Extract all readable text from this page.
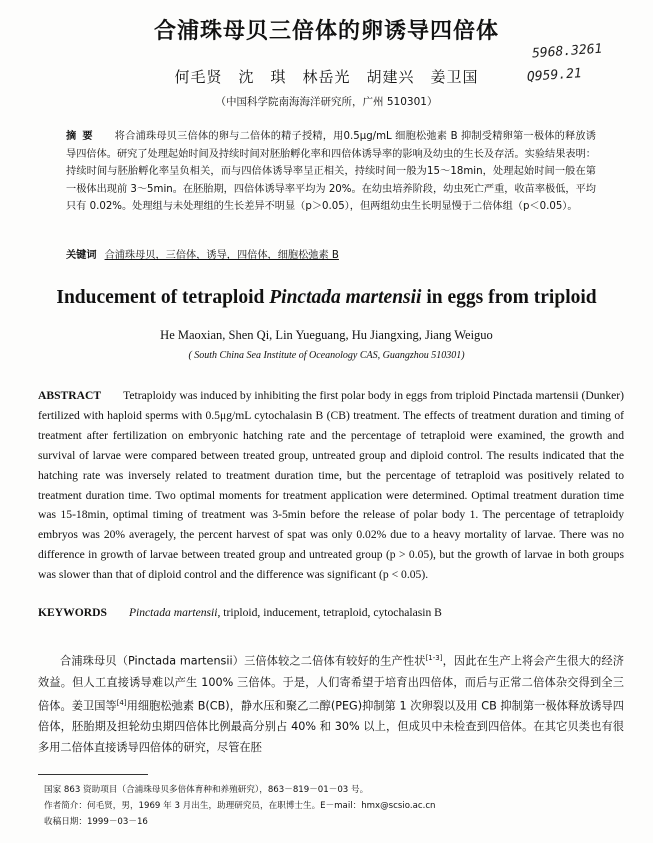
合浦珠母贝三倍体的卵诱导四倍体
5968.3261
Q959.21
何毛贤　沈　琪　林岳光　胡建兴　姜卫国
（中国科学院南海海洋研究所，广州 510301）
摘要 将合浦珠母贝三倍体的卵与二倍体的精子授精，用0.5μg/mL 细胞松弛素 B 抑制受精卵第一极体的释放诱导四倍体。研究了处理起始时间及持续时间对胚胎孵化率和四倍体诱导率的影响及幼虫的生长及存活。实验结果表明：持续时间与胚胎孵化率呈负相关，而与四倍体诱导率呈正相关，持续时间一般为15～18min，处理起始时间一般在第一极体出现前 3～5min。在胚胎期，四倍体诱导率平均为 20%。在幼虫培养阶段，幼虫死亡严重，收苗率极低，平均只有 0.02%。处理组与未处理组的生长差异不明显（p＞0.05），但两组幼虫生长明显慢于二倍体组（p＜0.05）。
关键词 合浦珠母贝，三倍体，诱导，四倍体，细胞松弛素 B
Inducement of tetraploid Pinctada martensii in eggs from triploid
He Maoxian, Shen Qi, Lin Yueguang, Hu Jiangxing, Jiang Weiguo
( South China Sea Institute of Oceanology CAS, Guangzhou 510301)
ABSTRACT Tetraploidy was induced by inhibiting the first polar body in eggs from triploid Pinctada martensii (Dunker) fertilized with haploid sperms with 0.5μg/mL cytochalasin B (CB) treatment. The effects of treatment duration and timing of treatment after fertilization on embryonic hatching rate and the percentage of tetraploid were examined, the growth and survival of larvae were compared between treated group, untreated group and diploid control. The results indicated that the hatching rate was inversely related to treatment duration time, but the percentage of tetraploid was positively related to treatment duration time. Two optimal moments for treatment application were determined. Optimal treatment duration time was 15-18min, optimal timing of treatment was 3-5min before the release of polar body 1. The percentage of tetraploidy embryos was 20% averagely, the percent harvest of spat was only 0.02% due to a heavy mortality of larvae. There was no difference in growth of larvae between treated group and untreated group (p > 0.05), but the growth of larvae in both groups was slower than that of diploid control and the difference was significant (p < 0.05).
KEYWORDS Pinctada martensii, triploid, inducement, tetraploid, cytochalasin B
合浦珠母贝（Pinctada martensii）三倍体较之二倍体有较好的生产性状[1-3]，因此在生产上将会产生很大的经济效益。但人工直接诱导难以产生 100% 三倍体。于是，人们寄希望于培育出四倍体，而后与正常二倍体杂交得到全三倍体。姜卫国等[4]用细胞松弛素 B(CB)，静水压和聚乙二醇(PEG)抑制第 1 次卵裂以及用 CB 抑制第一极体释放诱导四倍体，胚胎期及担轮幼虫期四倍体比例最高分别占 40% 和 30% 以上，但成贝中未检查到四倍体。在其它贝类也有很多用二倍体直接诱导四倍体的研究，尽管在胚
国家 863 资助项目（合浦珠母贝多倍体育种和养殖研究），863－819－01－03 号。
作者简介：何毛贤，男，1969 年 3 月出生，助理研究员，在职博士生。E－mail：hmx@scsio.ac.cn
收稿日期：1999－03－16
